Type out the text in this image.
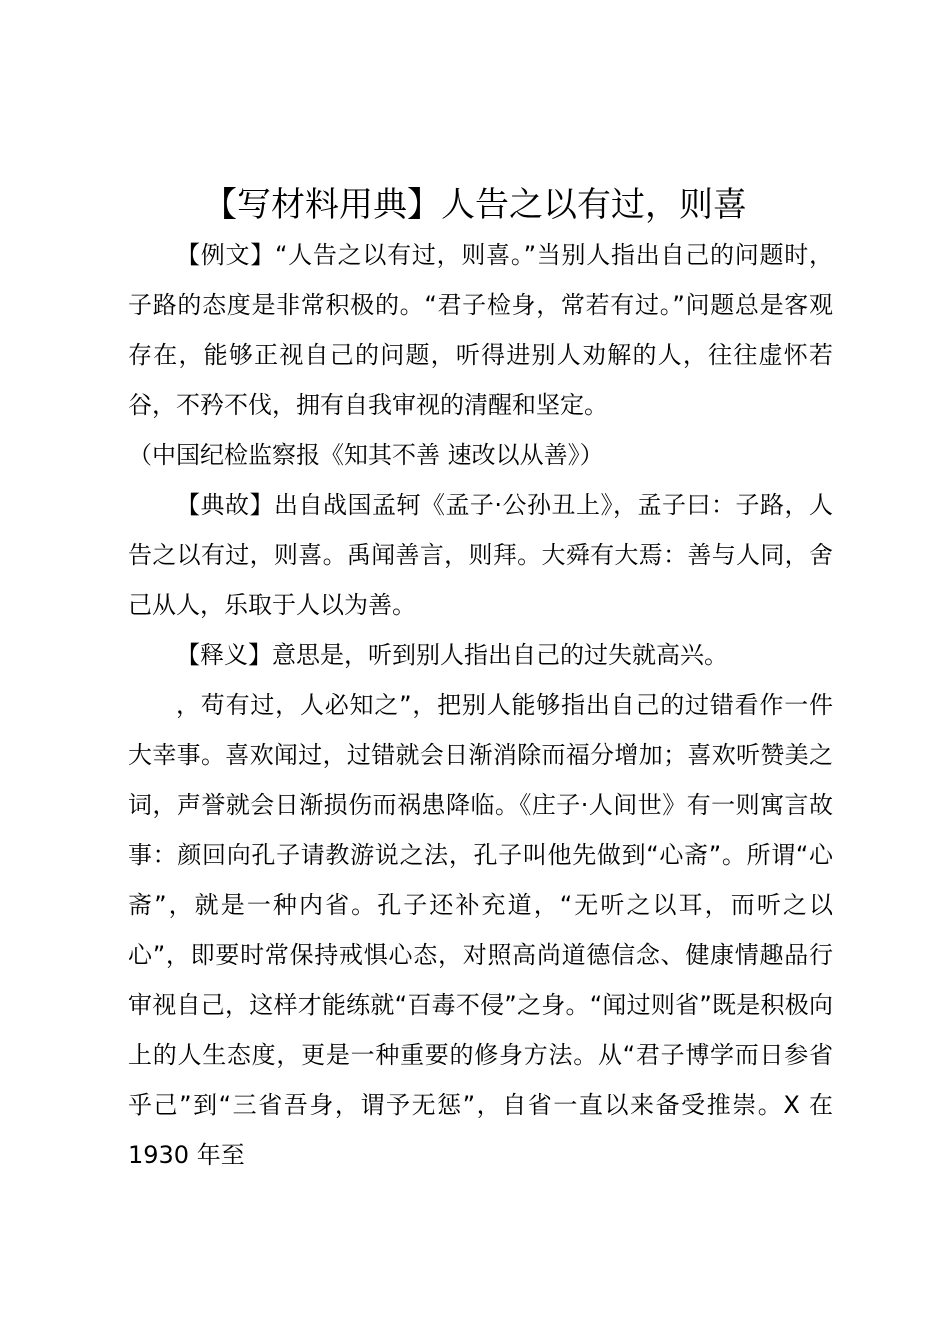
【写材料用典】人告之以有过，则喜

【例文】“人告之以有过，则喜。”当别人指出自己的问题时，子路的态度是非常积极的。“君子检身，常若有过。”问题总是客观存在，能够正视自己的问题，听得进别人劝解的人，往往虚怀若谷，不矜不伐，拥有自我审视的清醒和坚定。

（中国纪检监察报《知其不善 速改以从善》）

【典故】出自战国孟轲《孟子·公孙丑上》，孟子曰：子路，人告之以有过，则喜。禹闻善言，则拜。大舜有大焉：善与人同，舍己从人，乐取于人以为善。

【释义】意思是，听到别人指出自己的过失就高兴。

，苟有过，人必知之”，把别人能够指出自己的过错看作一件大幸事。喜欢闻过，过错就会日渐消除而福分增加；喜欢听赞美之词，声誉就会日渐损伤而祸患降临。《庄子·人间世》有一则寓言故事：颜回向孔子请教游说之法，孔子叫他先做到“心斋”。所谓“心斋”，就是一种内省。孔子还补充道，“无听之以耳，而听之以心”，即要时常保持戒惧心态，对照高尚道德信念、健康情趣品行审视自己，这样才能练就“百毒不侵”之身。“闻过则省”既是积极向上的人生态度，更是一种重要的修身方法。从“君子博学而日参省乎己”到“三省吾身，谓予无惩”，自省一直以来备受推崇。X 在 1930 年至
